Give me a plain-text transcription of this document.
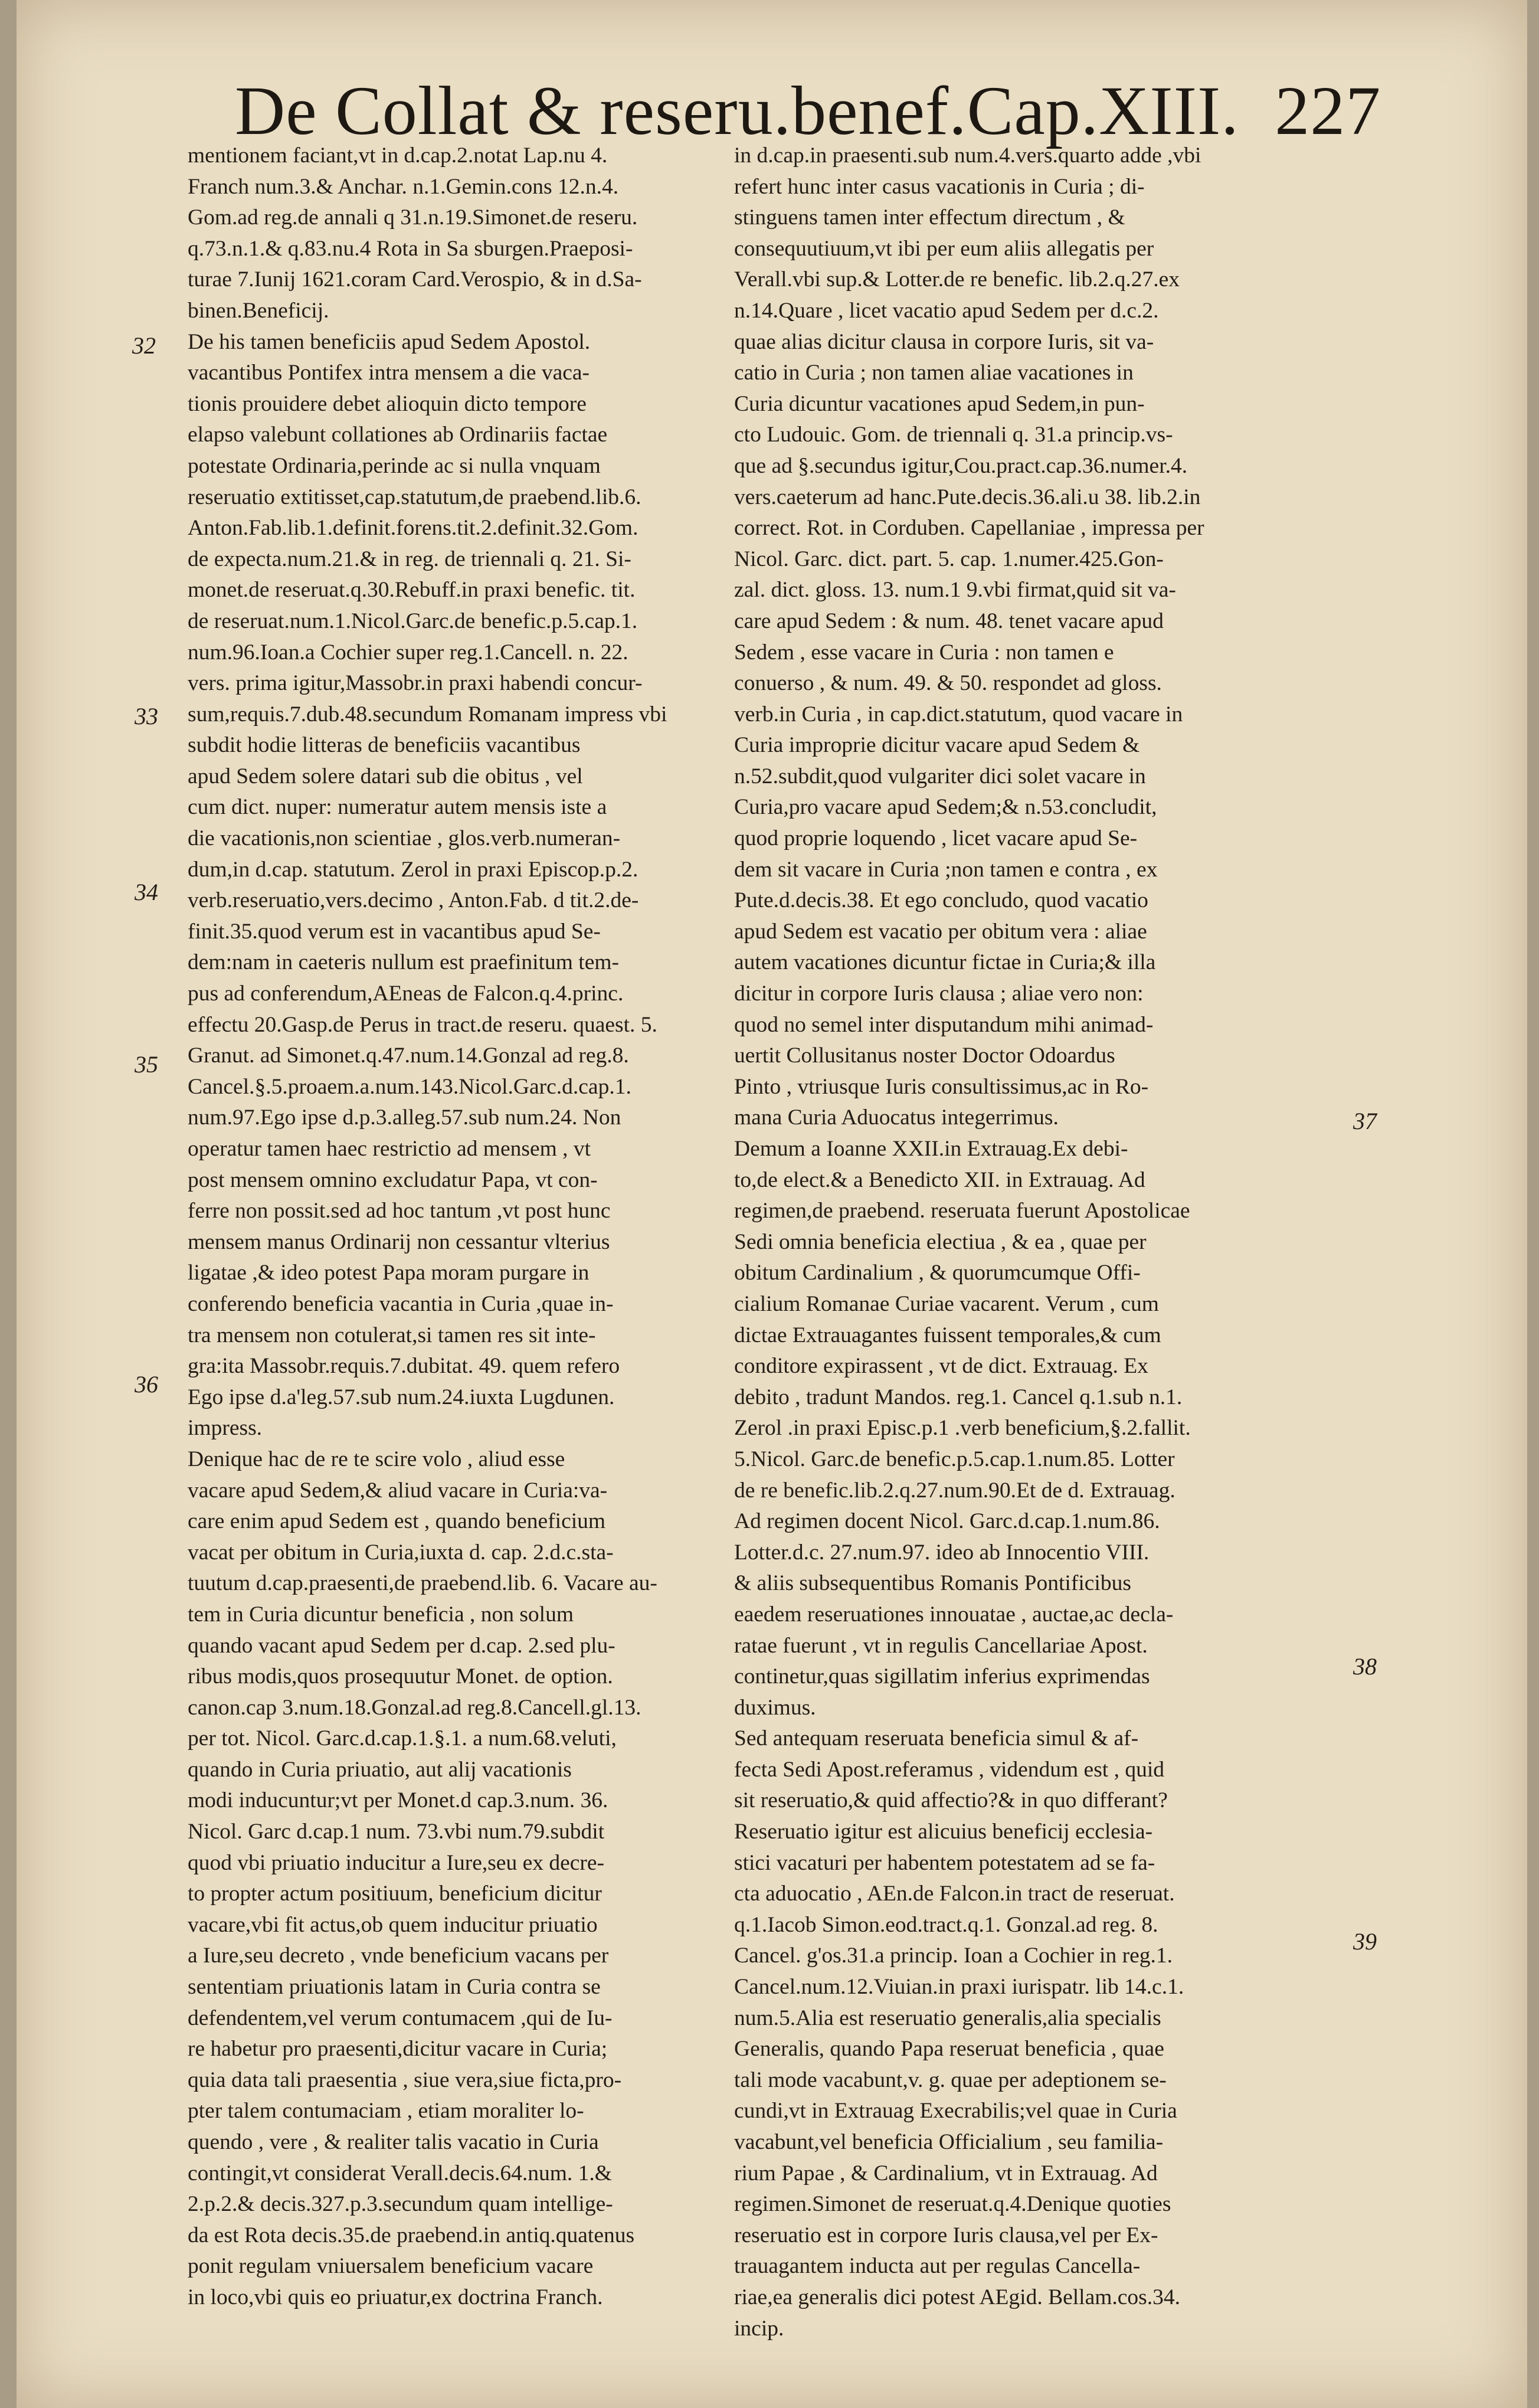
De Collat & reseru.benef.Cap.XIII. 227
32
33
34
35
36
37
38
39
mentionem faciant,vt in d.cap.2.notat Lap.nu 4.
Franch num.3.& Anchar. n.1.Gemin.cons 12.n.4.
Gom.ad reg.de annali q 31.n.19.Simonet.de reseru.
q.73.n.1.& q.83.nu.4 Rota in Sa sburgen.Praeposi-
turae 7.Iunij 1621.coram Card.Verospio, & in d.Sa-
binen.Beneficij.
De his tamen beneficiis apud Sedem Apostol.
vacantibus Pontifex intra mensem a die vaca-
tionis prouidere debet alioquin dicto tempore
elapso valebunt collationes ab Ordinariis factae
potestate Ordinaria,perinde ac si nulla vnquam
reseruatio extitisset,cap.statutum,de praebend.lib.6.
Anton.Fab.lib.1.definit.forens.tit.2.definit.32.Gom.
de expecta.num.21.& in reg. de triennali q. 21. Si-
monet.de reseruat.q.30.Rebuff.in praxi benefic. tit.
de reseruat.num.1.Nicol.Garc.de benefic.p.5.cap.1.
num.96.Ioan.a Cochier super reg.1.Cancell. n. 22.
vers. prima igitur,Massobr.in praxi habendi concur-
sum,requis.7.dub.48.secundum Romanam impress vbi
subdit hodie litteras de beneficiis vacantibus
apud Sedem solere datari sub die obitus , vel
cum dict. nuper: numeratur autem mensis iste a
die vacationis,non scientiae , glos.verb.numeran-
dum,in d.cap. statutum. Zerol in praxi Episcop.p.2.
verb.reseruatio,vers.decimo , Anton.Fab. d tit.2.de-
finit.35.quod verum est in vacantibus apud Se-
dem:nam in caeteris nullum est praefinitum tem-
pus ad conferendum,AEneas de Falcon.q.4.princ.
effectu 20.Gasp.de Perus in tract.de reseru. quaest. 5.
Granut. ad Simonet.q.47.num.14.Gonzal ad reg.8.
Cancel.§.5.proaem.a.num.143.Nicol.Garc.d.cap.1.
num.97.Ego ipse d.p.3.alleg.57.sub num.24. Non
operatur tamen haec restrictio ad mensem , vt
post mensem omnino excludatur Papa, vt con-
ferre non possit.sed ad hoc tantum ,vt post hunc
mensem manus Ordinarij non cessantur vlterius
ligatae ,& ideo potest Papa moram purgare in
conferendo beneficia vacantia in Curia ,quae in-
tra mensem non cotulerat,si tamen res sit inte-
gra:ita Massobr.requis.7.dubitat. 49. quem refero
Ego ipse d.a'leg.57.sub num.24.iuxta Lugdunen.
impress.
Denique hac de re te scire volo , aliud esse
vacare apud Sedem,& aliud vacare in Curia:va-
care enim apud Sedem est , quando beneficium
vacat per obitum in Curia,iuxta d. cap. 2.d.c.sta-
tuutum d.cap.praesenti,de praebend.lib. 6. Vacare au-
tem in Curia dicuntur beneficia , non solum
quando vacant apud Sedem per d.cap. 2.sed plu-
ribus modis,quos prosequutur Monet. de option.
canon.cap 3.num.18.Gonzal.ad reg.8.Cancell.gl.13.
per tot. Nicol. Garc.d.cap.1.§.1. a num.68.veluti,
quando in Curia priuatio, aut alij vacationis
modi inducuntur;vt per Monet.d cap.3.num. 36.
Nicol. Garc d.cap.1 num. 73.vbi num.79.subdit
quod vbi priuatio inducitur a Iure,seu ex decre-
to propter actum positiuum, beneficium dicitur
vacare,vbi fit actus,ob quem inducitur priuatio
a Iure,seu decreto , vnde beneficium vacans per
sententiam priuationis latam in Curia contra se
defendentem,vel verum contumacem ,qui de Iu-
re habetur pro praesenti,dicitur vacare in Curia;
quia data tali praesentia , siue vera,siue ficta,pro-
pter talem contumaciam , etiam moraliter lo-
quendo , vere , & realiter talis vacatio in Curia
contingit,vt considerat Verall.decis.64.num. 1.&
2.p.2.& decis.327.p.3.secundum quam intellige-
da est Rota decis.35.de praebend.in antiq.quatenus
ponit regulam vniuersalem beneficium vacare
in loco,vbi quis eo priuatur,ex doctrina Franch.
in d.cap.in praesenti.sub num.4.vers.quarto adde ,vbi
refert hunc inter casus vacationis in Curia ; di-
stinguens tamen inter effectum directum , &
consequutiuum,vt ibi per eum aliis allegatis per
Verall.vbi sup.& Lotter.de re benefic. lib.2.q.27.ex
n.14.Quare , licet vacatio apud Sedem per d.c.2.
quae alias dicitur clausa in corpore Iuris, sit va-
catio in Curia ; non tamen aliae vacationes in
Curia dicuntur vacationes apud Sedem,in pun-
cto Ludouic. Gom. de triennali q. 31.a princip.vs-
que ad §.secundus igitur,Cou.pract.cap.36.numer.4.
vers.caeterum ad hanc.Pute.decis.36.ali.u 38. lib.2.in
correct. Rot. in Corduben. Capellaniae , impressa per
Nicol. Garc. dict. part. 5. cap. 1.numer.425.Gon-
zal. dict. gloss. 13. num.1 9.vbi firmat,quid sit va-
care apud Sedem : & num. 48. tenet vacare apud
Sedem , esse vacare in Curia : non tamen e
conuerso , & num. 49. & 50. respondet ad gloss.
verb.in Curia , in cap.dict.statutum, quod vacare in
Curia improprie dicitur vacare apud Sedem &
n.52.subdit,quod vulgariter dici solet vacare in
Curia,pro vacare apud Sedem;& n.53.concludit,
quod proprie loquendo , licet vacare apud Se-
dem sit vacare in Curia ;non tamen e contra , ex
Pute.d.decis.38. Et ego concludo, quod vacatio
apud Sedem est vacatio per obitum vera : aliae
autem vacationes dicuntur fictae in Curia;& illa
dicitur in corpore Iuris clausa ; aliae vero non:
quod no semel inter disputandum mihi animad-
uertit Collusitanus noster Doctor Odoardus
Pinto , vtriusque Iuris consultissimus,ac in Ro-
mana Curia Aduocatus integerrimus.
Demum a Ioanne XXII.in Extrauag.Ex debi-
to,de elect.& a Benedicto XII. in Extrauag. Ad
regimen,de praebend. reseruata fuerunt Apostolicae
Sedi omnia beneficia electiua , & ea , quae per
obitum Cardinalium , & quorumcumque Offi-
cialium Romanae Curiae vacarent. Verum , cum
dictae Extrauagantes fuissent temporales,& cum
conditore expirassent , vt de dict. Extrauag. Ex
debito , tradunt Mandos. reg.1. Cancel q.1.sub n.1.
Zerol .in praxi Episc.p.1 .verb beneficium,§.2.fallit.
5.Nicol. Garc.de benefic.p.5.cap.1.num.85. Lotter
de re benefic.lib.2.q.27.num.90.Et de d. Extrauag.
Ad regimen docent Nicol. Garc.d.cap.1.num.86.
Lotter.d.c. 27.num.97. ideo ab Innocentio VIII.
& aliis subsequentibus Romanis Pontificibus
eaedem reseruationes innouatae , auctae,ac decla-
ratae fuerunt , vt in regulis Cancellariae Apost.
continetur,quas sigillatim inferius exprimendas
duximus.
Sed antequam reseruata beneficia simul & af-
fecta Sedi Apost.referamus , videndum est , quid
sit reseruatio,& quid affectio?& in quo differant?
Reseruatio igitur est alicuius beneficij ecclesia-
stici vacaturi per habentem potestatem ad se fa-
cta aduocatio , AEn.de Falcon.in tract de reseruat.
q.1.Iacob Simon.eod.tract.q.1. Gonzal.ad reg. 8.
Cancel. g'os.31.a princip. Ioan a Cochier in reg.1.
Cancel.num.12.Viuian.in praxi iurispatr. lib 14.c.1.
num.5.Alia est reseruatio generalis,alia specialis
Generalis, quando Papa reseruat beneficia , quae
tali mode vacabunt,v. g. quae per adeptionem se-
cundi,vt in Extrauag Execrabilis;vel quae in Curia
vacabunt,vel beneficia Officialium , seu familia-
rium Papae , & Cardinalium, vt in Extrauag. Ad
regimen.Simonet de reseruat.q.4.Denique quoties
reseruatio est in corpore Iuris clausa,vel per Ex-
trauagantem inducta aut per regulas Cancella-
riae,ea generalis dici potest AEgid. Bellam.cos.34.
incip.
